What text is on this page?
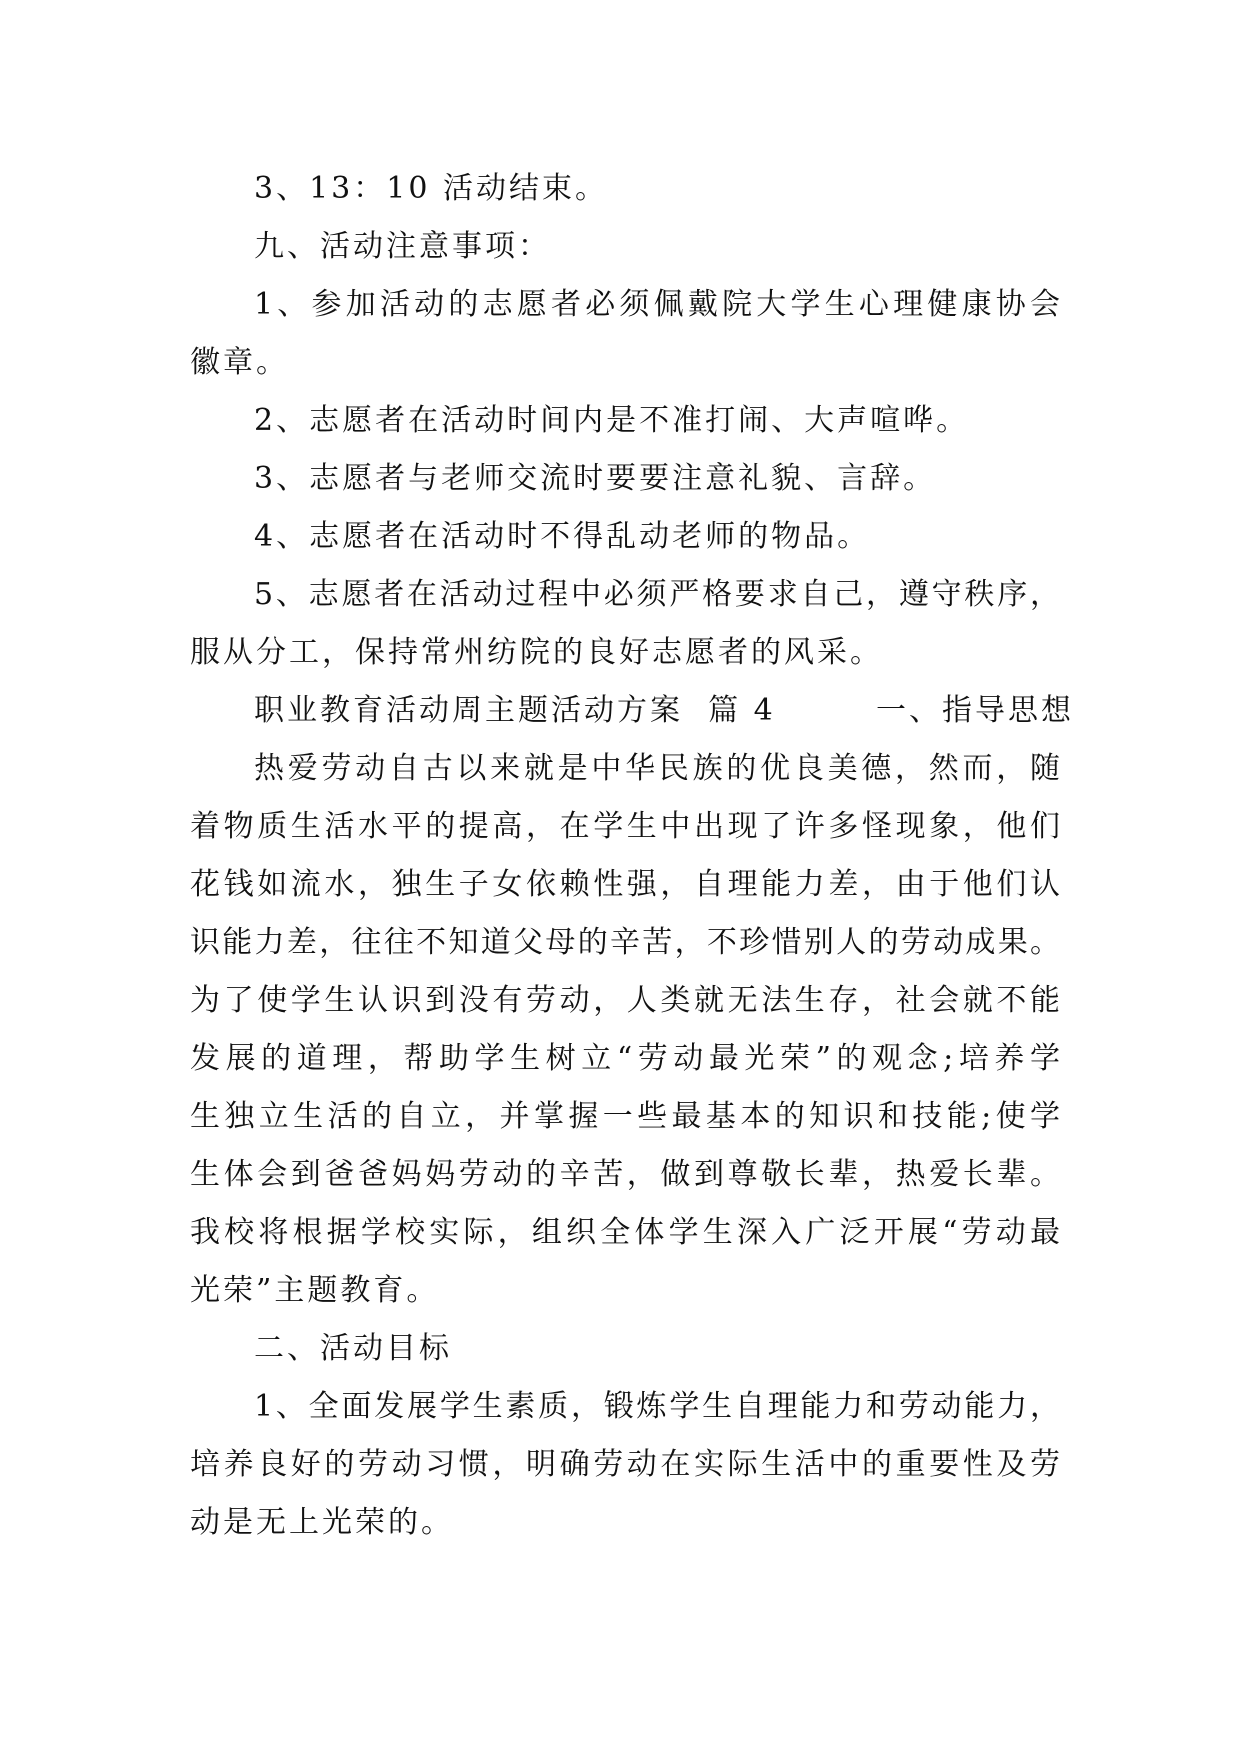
3、13：10 活动结束。
九、活动注意事项：
1、参加活动的志愿者必须佩戴院大学生心理健康协会
徽章。
2、志愿者在活动时间内是不准打闹、大声喧哗。
3、志愿者与老师交流时要要注意礼貌、言辞。
4、志愿者在活动时不得乱动老师的物品。
5、志愿者在活动过程中必须严格要求自己，遵守秩序，
服从分工，保持常州纺院的良好志愿者的风采。
职业教育活动周主题活动方案  篇 4        一、指导思想
热爱劳动自古以来就是中华民族的优良美德，然而，随
着物质生活水平的提高，在学生中出现了许多怪现象，他们
花钱如流水，独生子女依赖性强，自理能力差，由于他们认
识能力差，往往不知道父母的辛苦，不珍惜别人的劳动成果。
为了使学生认识到没有劳动，人类就无法生存，社会就不能
发展的道理，帮助学生树立“劳动最光荣”的观念;培养学
生独立生活的自立，并掌握一些最基本的知识和技能;使学
生体会到爸爸妈妈劳动的辛苦，做到尊敬长辈，热爱长辈。
我校将根据学校实际，组织全体学生深入广泛开展“劳动最
光荣”主题教育。
二、活动目标
1、全面发展学生素质，锻炼学生自理能力和劳动能力，
培养良好的劳动习惯，明确劳动在实际生活中的重要性及劳
动是无上光荣的。
